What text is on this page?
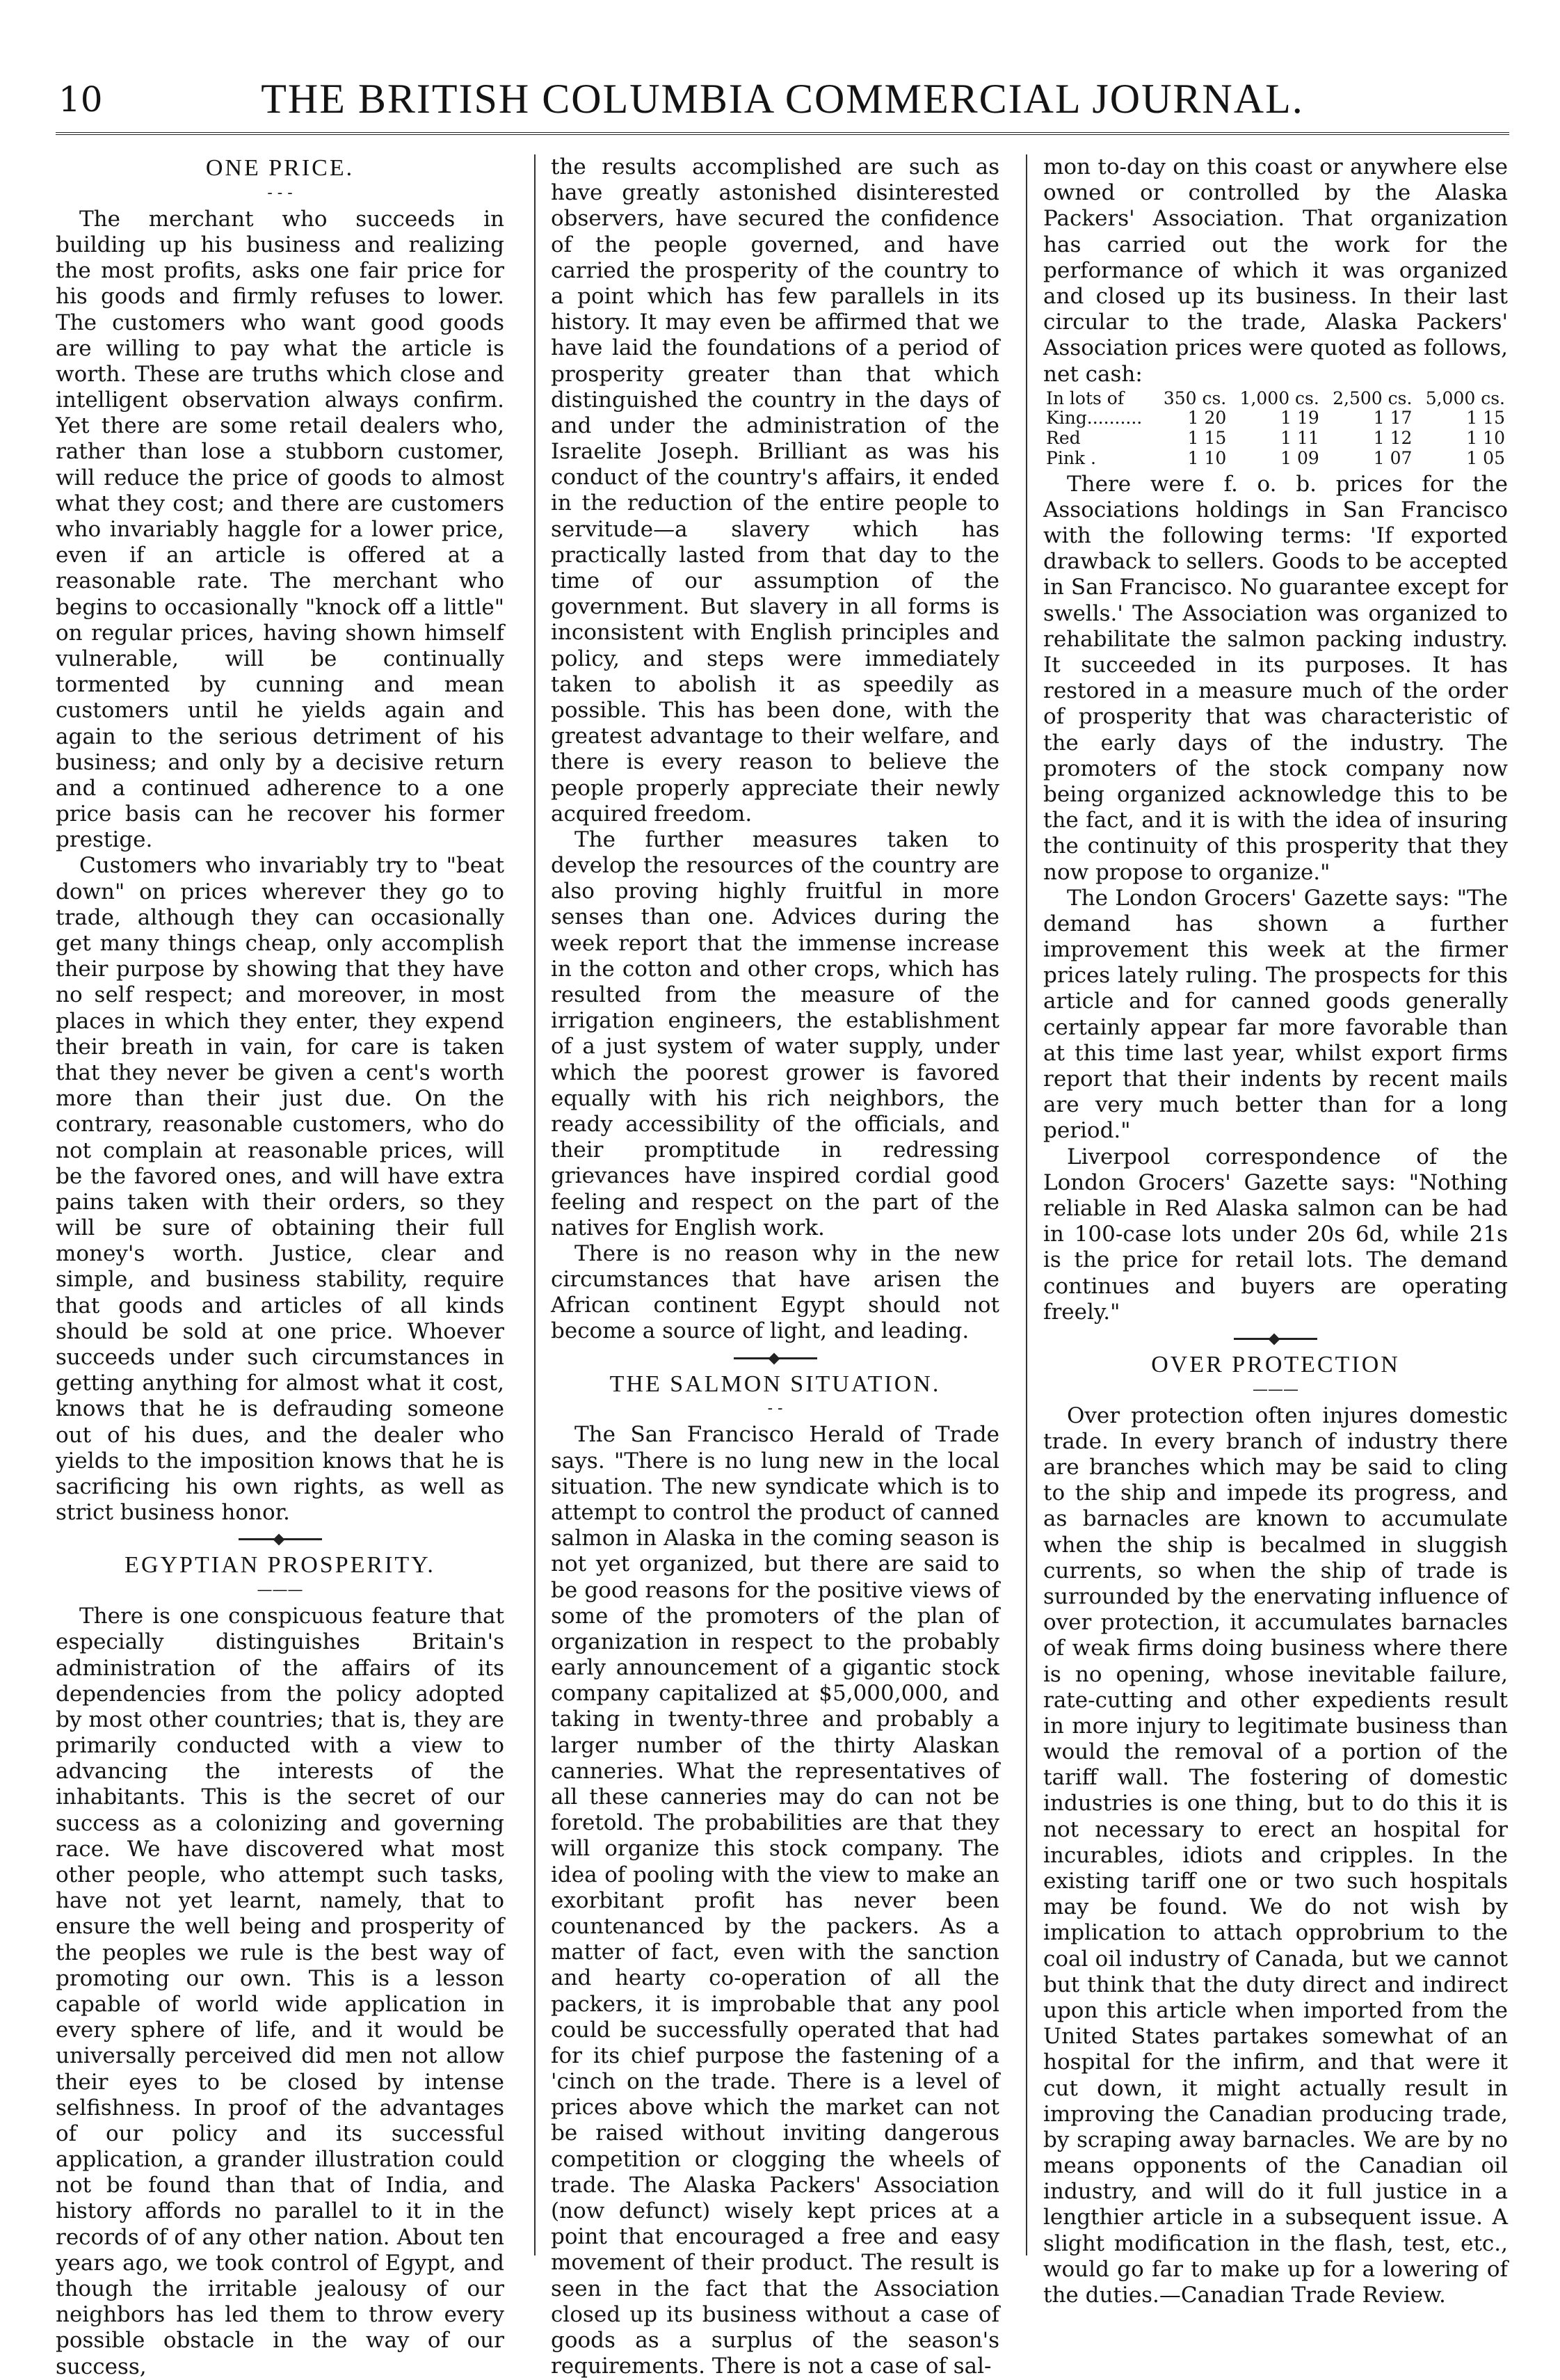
10	THE BRITISH COLUMBIA COMMERCIAL JOURNAL.
ONE PRICE.
- - -

The merchant who succeeds in building up his business and realizing the most profits, asks one fair price for his goods and firmly refuses to lower. The customers who want good goods are willing to pay what the article is worth. These are truths which close and intelligent observation always confirm. Yet there are some retail dealers who, rather than lose a stubborn customer, will reduce the price of goods to almost what they cost; and there are customers who invariably haggle for a lower price, even if an article is offered at a reasonable rate. The merchant who begins to occasionally "knock off a little" on regular prices, having shown himself vulnerable, will be continually tormented by cunning and mean customers until he yields again and again to the serious detriment of his business; and only by a decisive return and a continued adherence to a one price basis can he recover his former prestige.

Customers who invariably try to "beat down" on prices wherever they go to trade, although they can occasionally get many things cheap, only accomplish their purpose by showing that they have no self respect; and moreover, in most places in which they enter, they expend their breath in vain, for care is taken that they never be given a cent's worth more than their just due. On the contrary, reasonable customers, who do not complain at reasonable prices, will be the favored ones, and will have extra pains taken with their orders, so they will be sure of obtaining their full money's worth. Justice, clear and simple, and business stability, require that goods and articles of all kinds should be sold at one price. Whoever succeeds under such circumstances in getting anything for almost what it cost, knows that he is defrauding someone out of his dues, and the dealer who yields to the imposition knows that he is sacrificing his own rights, as well as strict business honor.

EGYPTIAN PROSPERITY.
———

There is one conspicuous feature that especially distinguishes Britain's administration of the affairs of its dependencies from the policy adopted by most other countries; that is, they are primarily conducted with a view to advancing the interests of the inhabitants. This is the secret of our success as a colonizing and governing race. We have discovered what most other people, who attempt such tasks, have not yet learnt, namely, that to ensure the well being and prosperity of the peoples we rule is the best way of promoting our own. This is a lesson capable of world wide application in every sphere of life, and it would be universally perceived did men not allow their eyes to be closed by intense selfishness. In proof of the advantages of our policy and its successful application, a grander illustration could not be found than that of India, and history affords no parallel to it in the records of of any other nation. About ten years ago, we took control of Egypt, and though the irritable jealousy of our neighbors has led them to throw every possible obstacle in the way of our success,

the results accomplished are such as have greatly astonished disinterested observers, have secured the confidence of the people governed, and have carried the prosperity of the country to a point which has few parallels in its history. It may even be affirmed that we have laid the foundations of a period of prosperity greater than that which distinguished the country in the days of and under the administration of the Israelite Joseph. Brilliant as was his conduct of the country's affairs, it ended in the reduction of the entire people to servitude—a slavery which has practically lasted from that day to the time of our assumption of the government. But slavery in all forms is inconsistent with English principles and policy, and steps were immediately taken to abolish it as speedily as possible. This has been done, with the greatest advantage to their welfare, and there is every reason to believe the people properly appreciate their newly acquired freedom.

The further measures taken to develop the resources of the country are also proving highly fruitful in more senses than one. Advices during the week report that the immense increase in the cotton and other crops, which has resulted from the measure of the irrigation engineers, the establishment of a just system of water supply, under which the poorest grower is favored equally with his rich neighbors, the ready accessibility of the officials, and their promptitude in redressing grievances have inspired cordial good feeling and respect on the part of the natives for English work.

There is no reason why in the new circumstances that have arisen the African continent Egypt should not become a source of light, and leading.

THE SALMON SITUATION.
- -

The San Francisco Herald of Trade says. "There is no lung new in the local situation. The new syndicate which is to attempt to control the product of canned salmon in Alaska in the coming season is not yet organized, but there are said to be good reasons for the positive views of some of the promoters of the plan of organization in respect to the probably early announcement of a gigantic stock company capitalized at $5,000,000, and taking in twenty-three and probably a larger number of the thirty Alaskan canneries. What the representatives of all these canneries may do can not be foretold. The probabilities are that they will organize this stock company. The idea of pooling with the view to make an exorbitant profit has never been countenanced by the packers. As a matter of fact, even with the sanction and hearty co-operation of all the packers, it is improbable that any pool could be successfully operated that had for its chief purpose the fastening of a 'cinch on the trade. There is a level of prices above which the market can not be raised without inviting dangerous competition or clogging the wheels of trade. The Alaska Packers' Association (now defunct) wisely kept prices at a point that encouraged a free and easy movement of their product. The result is seen in the fact that the Association closed up its business without a case of goods as a surplus of the season's requirements. There is not a case of sal-

mon to-day on this coast or anywhere else owned or controlled by the Alaska Packers' Association. That organization has carried out the work for the performance of which it was organized and closed up its business. In their last circular to the trade, Alaska Packers' Association prices were quoted as follows, net cash:

In lots of	350 cs.	1,000 cs.	2,500 cs.	5,000 cs.
King..........	1 20	1 19	1 17	1 15
Red	1 15	1 11	1 12	1 10
Pink .	1 10	1 09	1 07	1 05

There were f. o. b. prices for the Associations holdings in San Francisco with the following terms: 'If exported drawback to sellers. Goods to be accepted in San Francisco. No guarantee except for swells.' The Association was organized to rehabilitate the salmon packing industry. It succeeded in its purposes. It has restored in a measure much of the order of prosperity that was characteristic of the early days of the industry. The promoters of the stock company now being organized acknowledge this to be the fact, and it is with the idea of insuring the continuity of this prosperity that they now propose to organize."

The London Grocers' Gazette says: "The demand has shown a further improvement this week at the firmer prices lately ruling. The prospects for this article and for canned goods generally certainly appear far more favorable than at this time last year, whilst export firms report that their indents by recent mails are very much better than for a long period."

Liverpool correspondence of the London Grocers' Gazette says: "Nothing reliable in Red Alaska salmon can be had in 100-case lots under 20s 6d, while 21s is the price for retail lots. The demand continues and buyers are operating freely."

OVER PROTECTION
———

Over protection often injures domestic trade. In every branch of industry there are branches which may be said to cling to the ship and impede its progress, and as barnacles are known to accumulate when the ship is becalmed in sluggish currents, so when the ship of trade is surrounded by the enervating influence of over protection, it accumulates barnacles of weak firms doing business where there is no opening, whose inevitable failure, rate-cutting and other expedients result in more injury to legitimate business than would the removal of a portion of the tariff wall. The fostering of domestic industries is one thing, but to do this it is not necessary to erect an hospital for incurables, idiots and cripples. In the existing tariff one or two such hospitals may be found. We do not wish by implication to attach opprobrium to the coal oil industry of Canada, but we cannot but think that the duty direct and indirect upon this article when imported from the United States partakes somewhat of an hospital for the infirm, and that were it cut down, it might actually result in improving the Canadian producing trade, by scraping away barnacles. We are by no means opponents of the Canadian oil industry, and will do it full justice in a lengthier article in a subsequent issue. A slight modification in the flash, test, etc., would go far to make up for a lowering of the duties.—Canadian Trade Review.
